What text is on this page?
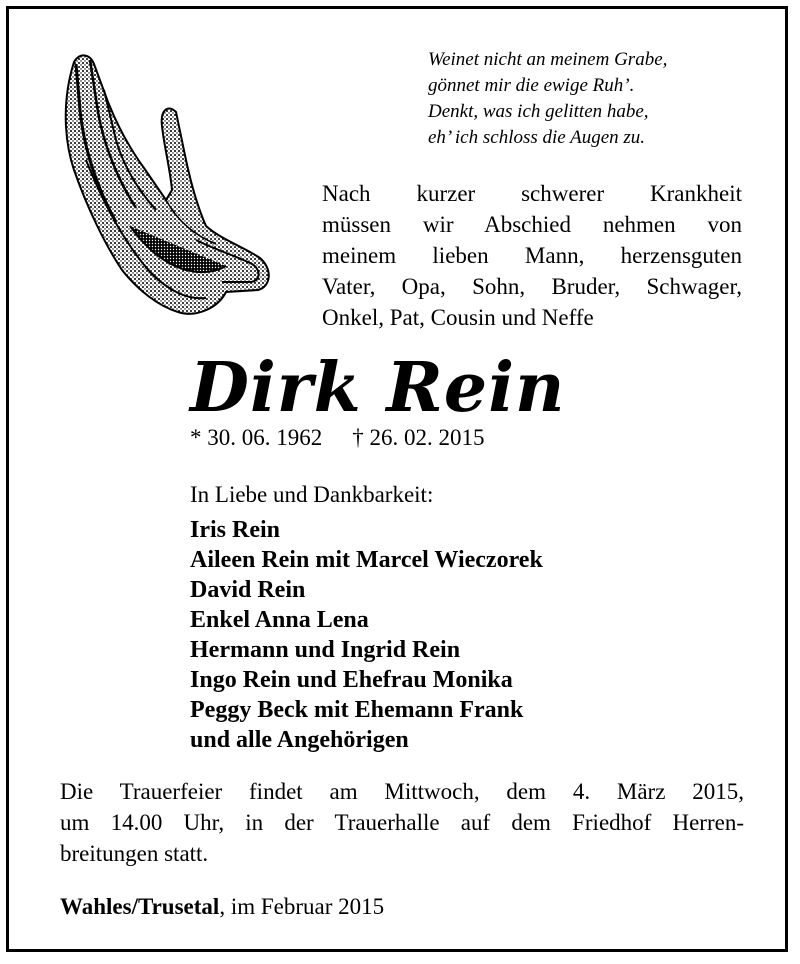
Weinet nicht an meinem Grabe,
gönnet mir die ewige Ruh’.
Denkt, was ich gelitten habe,
eh’ ich schloss die Augen zu.
Nach kurzer schwerer Krankheit
müssen wir Abschied nehmen von
meinem lieben Mann, herzensguten
Vater, Opa, Sohn, Bruder, Schwager,
Onkel, Pat, Cousin und Neffe
Dirk Rein
* 30. 06. 1962 † 26. 02. 2015
In Liebe und Dankbarkeit:
Iris Rein
Aileen Rein mit Marcel Wieczorek
David Rein
Enkel Anna Lena
Hermann und Ingrid Rein
Ingo Rein und Ehefrau Monika
Peggy Beck mit Ehemann Frank
und alle Angehörigen
Die Trauerfeier findet am Mittwoch, dem 4. März 2015,
um 14.00 Uhr, in der Trauerhalle auf dem Friedhof Herren-
breitungen statt.
Wahles/Trusetal, im Februar 2015
